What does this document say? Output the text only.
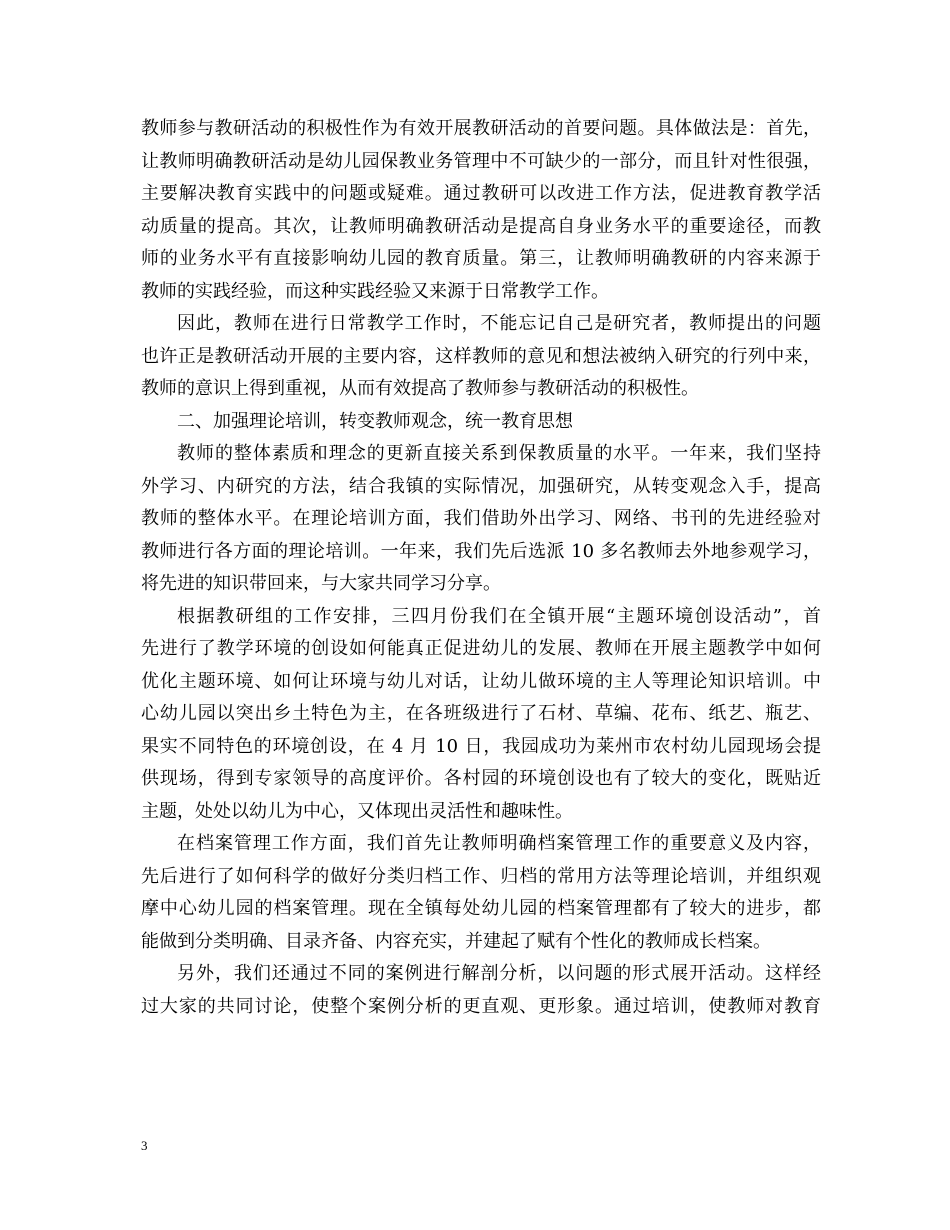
教师参与教研活动的积极性作为有效开展教研活动的首要问题。具体做法是：首先，
让教师明确教研活动是幼儿园保教业务管理中不可缺少的一部分，而且针对性很强，
主要解决教育实践中的问题或疑难。通过教研可以改进工作方法，促进教育教学活
动质量的提高。其次，让教师明确教研活动是提高自身业务水平的重要途径，而教
师的业务水平有直接影响幼儿园的教育质量。第三，让教师明确教研的内容来源于
教师的实践经验，而这种实践经验又来源于日常教学工作。
因此，教师在进行日常教学工作时，不能忘记自己是研究者，教师提出的问题
也许正是教研活动开展的主要内容，这样教师的意见和想法被纳入研究的行列中来，
教师的意识上得到重视，从而有效提高了教师参与教研活动的积极性。
二、加强理论培训，转变教师观念，统一教育思想
教师的整体素质和理念的更新直接关系到保教质量的水平。一年来，我们坚持
外学习、内研究的方法，结合我镇的实际情况，加强研究，从转变观念入手，提高
教师的整体水平。在理论培训方面，我们借助外出学习、网络、书刊的先进经验对
教师进行各方面的理论培训。一年来，我们先后选派 10 多名教师去外地参观学习，
将先进的知识带回来，与大家共同学习分享。
根据教研组的工作安排，三四月份我们在全镇开展“主题环境创设活动”，首
先进行了教学环境的创设如何能真正促进幼儿的发展、教师在开展主题教学中如何
优化主题环境、如何让环境与幼儿对话，让幼儿做环境的主人等理论知识培训。中
心幼儿园以突出乡土特色为主，在各班级进行了石材、草编、花布、纸艺、瓶艺、
果实不同特色的环境创设，在 4 月 10 日，我园成功为莱州市农村幼儿园现场会提
供现场，得到专家领导的高度评价。各村园的环境创设也有了较大的变化，既贴近
主题，处处以幼儿为中心，又体现出灵活性和趣味性。
在档案管理工作方面，我们首先让教师明确档案管理工作的重要意义及内容，
先后进行了如何科学的做好分类归档工作、归档的常用方法等理论培训，并组织观
摩中心幼儿园的档案管理。现在全镇每处幼儿园的档案管理都有了较大的进步，都
能做到分类明确、目录齐备、内容充实，并建起了赋有个性化的教师成长档案。
另外，我们还通过不同的案例进行解剖分析，以问题的形式展开活动。这样经
过大家的共同讨论，使整个案例分析的更直观、更形象。通过培训，使教师对教育
3
